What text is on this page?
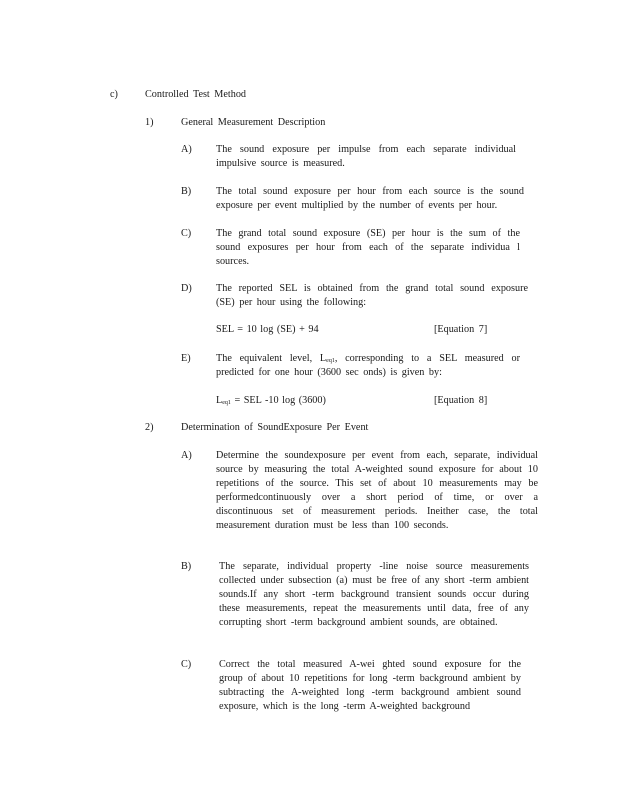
c)	Controlled Test Method
1)	General Measurement Description
A) The sound exposure per impulse from each separate individual impulsive source is measured.
B) The total sound exposure per hour from each source is the sound exposure per event multiplied by the number of events per hour.
C) The grand total sound exposure (SE) per hour is the sum of the sound exposures per hour from each of the separate individua l sources.
D) The reported SEL is obtained from the grand total sound exposure (SE) per hour using the following:
SEL = 10 log (SE) + 94	[Equation 7]
E) The equivalent level, $L_{eq1}$, corresponding to a SEL measured or predicted for one hour (3600 sec onds) is given by:
$L_{eq1}$ = SEL -10 log (3600)	[Equation 8]
2)	Determination of SoundExposure Per Event
A) Determine the soundexposure per event from each, separate, individual source by measuring the total A-weighted sound exposure for about 10 repetitions of the source. This set of about 10 measurements may be performedcontinuously over a short period of time, or over a discontinuous set of measurement periods. Ineither case, the total measurement duration must be less than 100 seconds.
B)	The separate, individual property -line noise source measurements collected under subsection (a) must be free of any short -term ambient sounds.If any short -term background transient sounds occur during these measurements, repeat the measurements until data, free of any corrupting short -term background ambient sounds, are obtained.
C)	Correct the total measured A-wei ghted sound exposure for the group of about 10 repetitions for long -term background ambient by subtracting the A-weighted long -term background ambient sound exposure, which is the long -term A-weighted background
